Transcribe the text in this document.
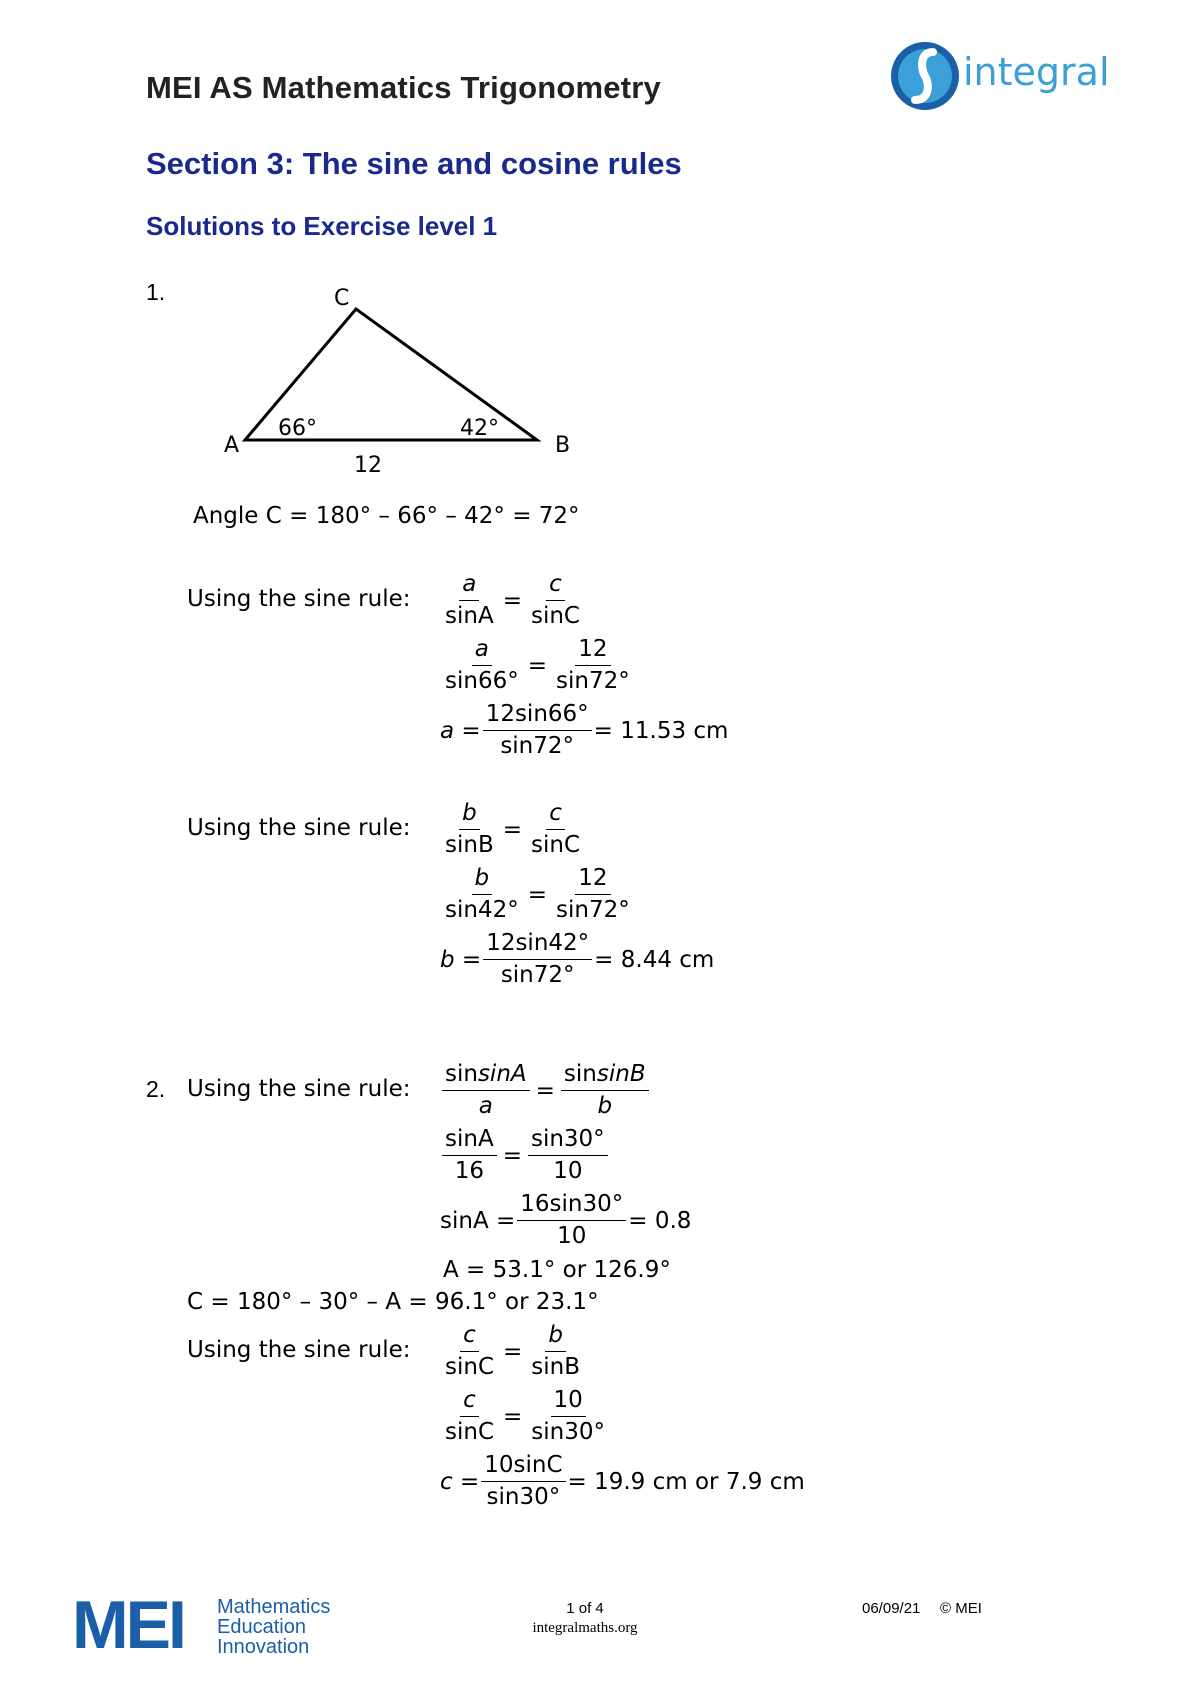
MEI AS Mathematics Trigonometry
Section 3: The sine and cosine rules
Solutions to Exercise level 1
integral
1.
A	B
C
66°	42°
12
Angle C = 180° – 66° – 42° = 72°
Using the sine rule: $\frac{a}{\sin A} = \frac{c}{\sin C}$
$\frac{a}{\sin 66^\circ} = \frac{12}{\sin 72^\circ}$
$a = \frac{12\sin 66^\circ}{\sin 72^\circ} = 11.53$ cm
Using the sine rule: $\frac{b}{\sin B} = \frac{c}{\sin C}$
$\frac{b}{\sin 42^\circ} = \frac{12}{\sin 72^\circ}$
$b = \frac{12\sin 42^\circ}{\sin 72^\circ} = 8.44$ cm
2. Using the sine rule: $\frac{\text{sinsinA}}{a} = \frac{\text{sinsinB}}{b}$
$\frac{\sin A}{16} = \frac{\sin 30^\circ}{10}$
$\sin A = \frac{16\sin 30^\circ}{10} = 0.8$
A = 53.1° or 126.9°
C = 180° – 30° – A = 96.1° or 23.1°
Using the sine rule: $\frac{c}{\sin C} = \frac{b}{\sin B}$
$\frac{c}{\sin C} = \frac{10}{\sin 30^\circ}$
$c = \frac{10\sin C}{\sin 30^\circ} = 19.9$ cm or 7.9 cm
MEI Mathematics
Education
Innovation
1 of 4
integralmaths.org
06/09/21 © MEI
